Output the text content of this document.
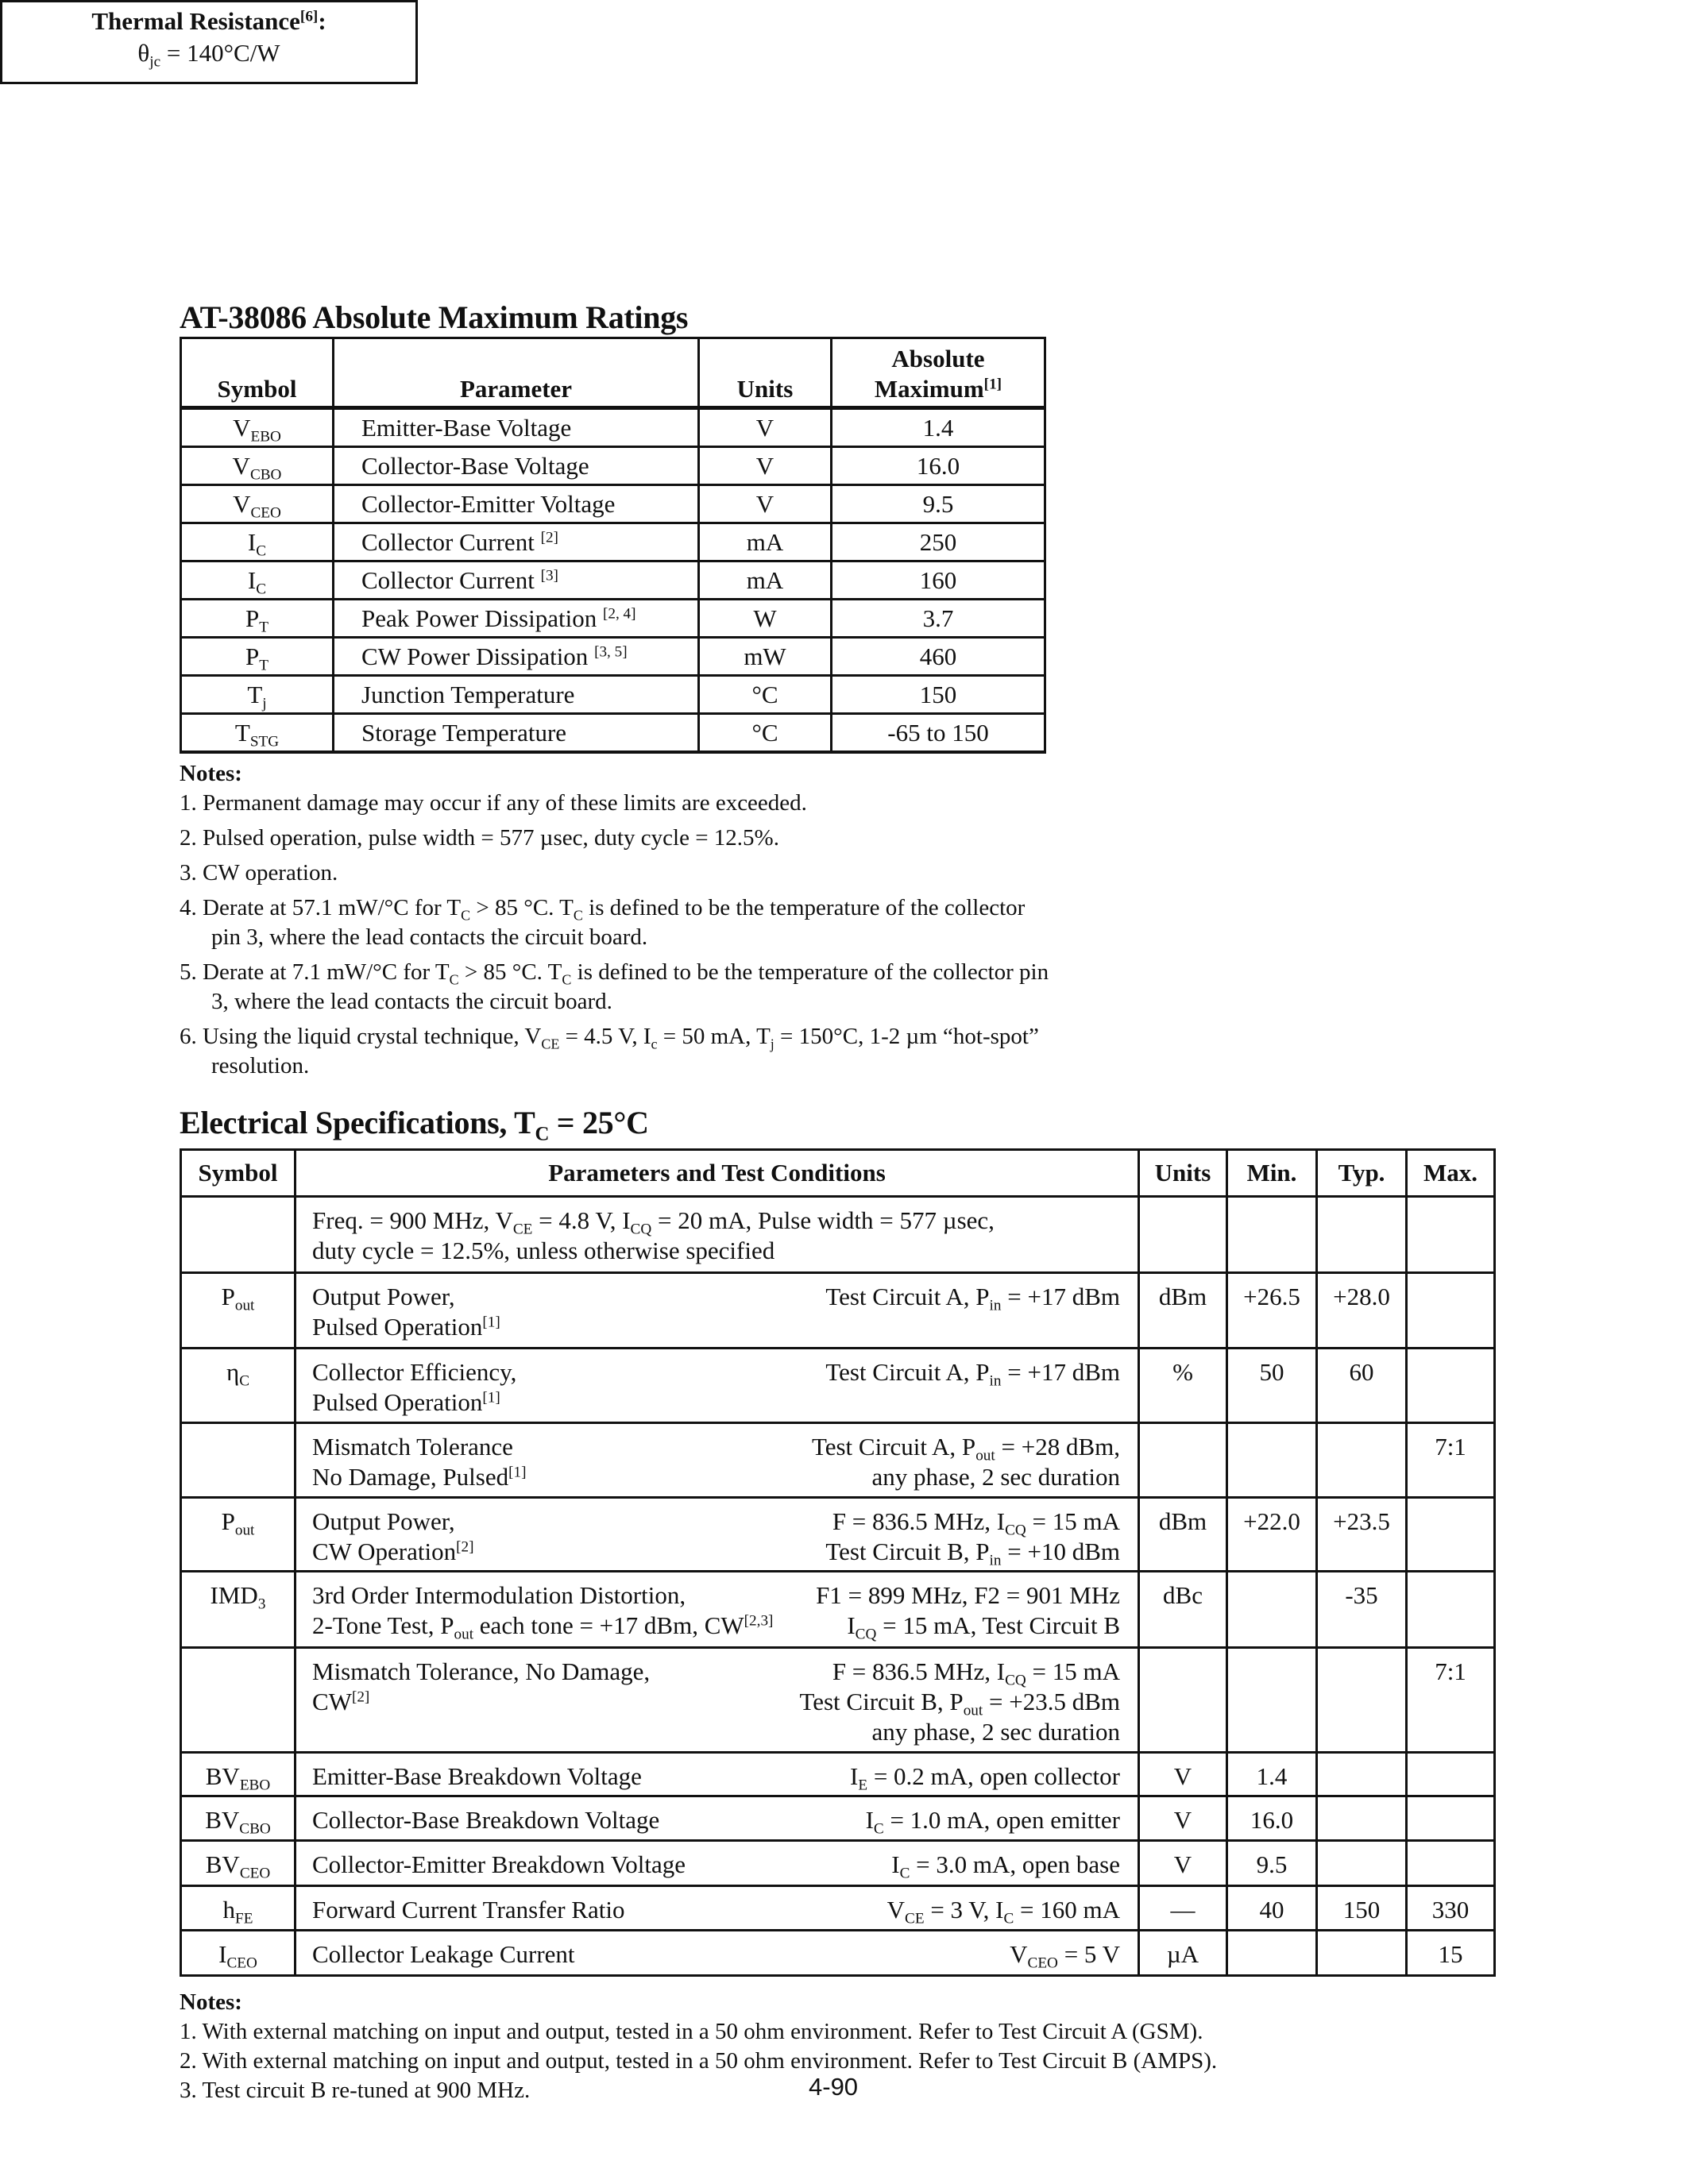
AT-38086 Absolute Maximum Ratings
Symbol	Parameter	Units	Absolute
Maximum[1]
$V_{EBO}$	Emitter-Base Voltage	V	1.4
$V_{CBO}$	Collector-Base Voltage	V	16.0
$V_{CEO}$	Collector-Emitter Voltage	V	9.5
$I_C$	Collector Current [2]	mA	250
$I_C$	Collector Current [3]	mA	160
$P_T$	Peak Power Dissipation [2, 4]	W	3.7
$P_T$	CW Power Dissipation [3, 5]	mW	460
$T_j$	Junction Temperature	°C	150
$T_{STG}$	Storage Temperature	°C	-65 to 150
Thermal Resistance[6]:
$\theta_{jc} = 140^\circ C/W$
Notes:
1. Permanent damage may occur if any of these limits are exceeded.
2. Pulsed operation, pulse width = 577 µsec, duty cycle = 12.5%.
3. CW operation.
4. Derate at 57.1 mW/°C for $T_C > 85$ °C. $T_C$ is defined to be the temperature of the collector pin 3, where the lead contacts the circuit board.
5. Derate at 7.1 mW/°C for $T_C > 85$ °C. $T_C$ is defined to be the temperature of the collector pin 3, where the lead contacts the circuit board.
6. Using the liquid crystal technique, $V_{CE} = 4.5$ V, $I_c = 50$ mA, $T_j = 150^\circ C$, 1-2 µm “hot-spot” resolution.
Electrical Specifications, $T_C = 25^\circ C$
Symbol	Parameters and Test Conditions	Units	Min.	Typ.	Max.

	Freq. = 900 MHz, $V_{CE} = 4.8$ V, $I_{CQ} = 20$ mA, Pulse width = 577 µsec,
duty cycle = 12.5%, unless otherwise specified				

$P_{out}$	Output Power,
Pulsed Operation[1]
Test Circuit A, $P_{in} = +17$ dBm	dBm	+26.5	+28.0	
$\eta_C$	Collector Efficiency,
Pulsed Operation[1]
Test Circuit A, $P_{in} = +17$ dBm	%	50	60	

	Mismatch Tolerance
No Damage, Pulsed[1]
Test Circuit A, $P_{out} = +28$ dBm,
any phase, 2 sec duration				7:1
$P_{out}$	Output Power,
CW Operation[2]
F = 836.5 MHz, $I_{CQ} = 15$ mA
Test Circuit B, $P_{in} = +10$ dBm	dBm	+22.0	+23.5	
$IMD_3$	3rd Order Intermodulation Distortion,
2-Tone Test, $P_{out}$ each tone = +17 dBm, CW[2,3]
F1 = 899 MHz, F2 = 901 MHz
$I_{CQ} = 15$ mA, Test Circuit B	dBc		-35	

	Mismatch Tolerance, No Damage,
CW[2]
F = 836.5 MHz, $I_{CQ} = 15$ mA
Test Circuit B, $P_{out} = +23.5$ dBm
any phase, 2 sec duration				7:1
$BV_{EBO}$	Emitter-Base Breakdown Voltage $I_E = 0.2$ mA, open collector	V	1.4		
$BV_{CBO}$	Collector-Base Breakdown Voltage $I_C = 1.0$ mA, open emitter	V	16.0		
$BV_{CEO}$	Collector-Emitter Breakdown Voltage $I_C = 3.0$ mA, open base	V	9.5		
$h_{FE}$	Forward Current Transfer Ratio $V_{CE} = 3$ V, $I_C = 160$ mA	—	40	150	330
$I_{CEO}$	Collector Leakage Current $V_{CEO} = 5$ V	µA			15
Notes:
1. With external matching on input and output, tested in a 50 ohm environment. Refer to Test Circuit A (GSM).
2. With external matching on input and output, tested in a 50 ohm environment. Refer to Test Circuit B (AMPS).
3. Test circuit B re-tuned at 900 MHz.	4-90
